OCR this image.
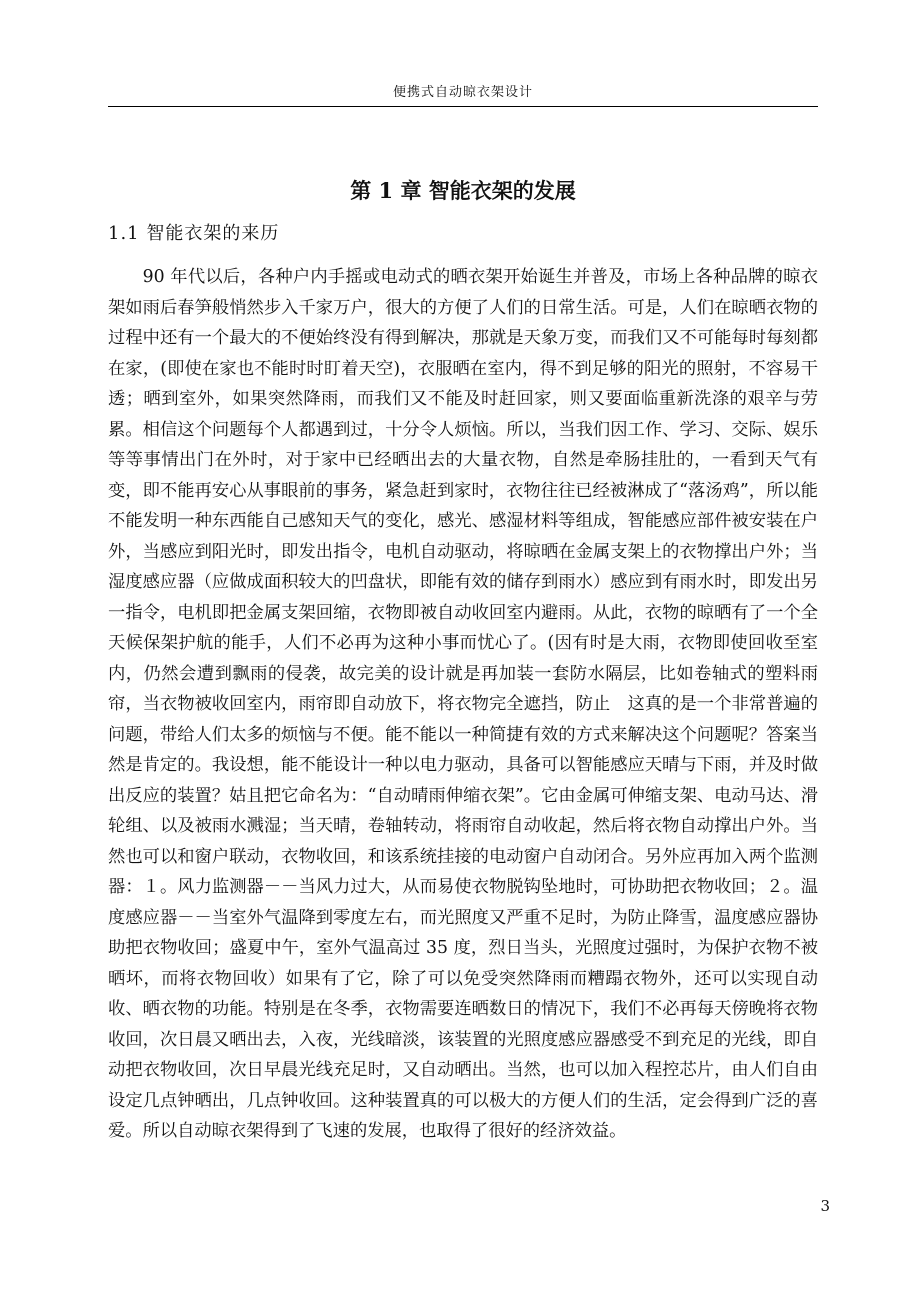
便携式自动晾衣架设计
第 1 章 智能衣架的发展
1.1 智能衣架的来历

90 年代以后，各种户内手摇或电动式的晒衣架开始诞生并普及，市场上各种品牌的晾衣架如雨后春笋般悄然步入千家万户，很大的方便了人们的日常生活。可是，人们在晾晒衣物的过程中还有一个最大的不便始终没有得到解决，那就是天象万变，而我们又不可能每时每刻都在家，(即使在家也不能时时盯着天空)，衣服晒在室内，得不到足够的阳光的照射，不容易干透；晒到室外，如果突然降雨，而我们又不能及时赶回家，则又要面临重新洗涤的艰辛与劳累。相信这个问题每个人都遇到过，十分令人烦恼。所以，当我们因工作、学习、交际、娱乐等等事情出门在外时，对于家中已经晒出去的大量衣物，自然是牵肠挂肚的，一看到天气有变，即不能再安心从事眼前的事务，紧急赶到家时，衣物往往已经被淋成了“落汤鸡”，所以能不能发明一种东西能自己感知天气的变化，感光、感湿材料等组成，智能感应部件被安装在户外，当感应到阳光时，即发出指令，电机自动驱动，将晾晒在金属支架上的衣物撑出户外；当湿度感应器（应做成面积较大的凹盘状，即能有效的储存到雨水）感应到有雨水时，即发出另一指令，电机即把金属支架回缩，衣物即被自动收回室内避雨。从此，衣物的晾晒有了一个全天候保架护航的能手，人们不必再为这种小事而忧心了。(因有时是大雨，衣物即使回收至室内，仍然会遭到飘雨的侵袭，故完美的设计就是再加装一套防水隔层，比如卷轴式的塑料雨帘，当衣物被收回室内，雨帘即自动放下，将衣物完全遮挡，防止　这真的是一个非常普遍的问题，带给人们太多的烦恼与不便。能不能以一种简捷有效的方式来解决这个问题呢？答案当然是肯定的。我设想，能不能设计一种以电力驱动，具备可以智能感应天晴与下雨，并及时做出反应的装置？姑且把它命名为：“自动晴雨伸缩衣架”。它由金属可伸缩支架、电动马达、滑轮组、以及被雨水溅湿；当天晴，卷轴转动，将雨帘自动收起，然后将衣物自动撑出户外。当然也可以和窗户联动，衣物收回，和该系统挂接的电动窗户自动闭合。另外应再加入两个监测器：１。风力监测器－－当风力过大，从而易使衣物脱钩坠地时，可协助把衣物收回；２。温度感应器－－当室外气温降到零度左右，而光照度又严重不足时，为防止降雪，温度感应器协助把衣物收回；盛夏中午，室外气温高过 35 度，烈日当头，光照度过强时，为保护衣物不被晒坏，而将衣物回收）如果有了它，除了可以免受突然降雨而糟蹋衣物外，还可以实现自动收、晒衣物的功能。特别是在冬季，衣物需要连晒数日的情况下，我们不必再每天傍晚将衣物收回，次日晨又晒出去，入夜，光线暗淡，该装置的光照度感应器感受不到充足的光线，即自动把衣物收回，次日早晨光线充足时，又自动晒出。当然，也可以加入程控芯片，由人们自由设定几点钟晒出，几点钟收回。这种装置真的可以极大的方便人们的生活，定会得到广泛的喜爱。所以自动晾衣架得到了飞速的发展，也取得了很好的经济效益。

3
